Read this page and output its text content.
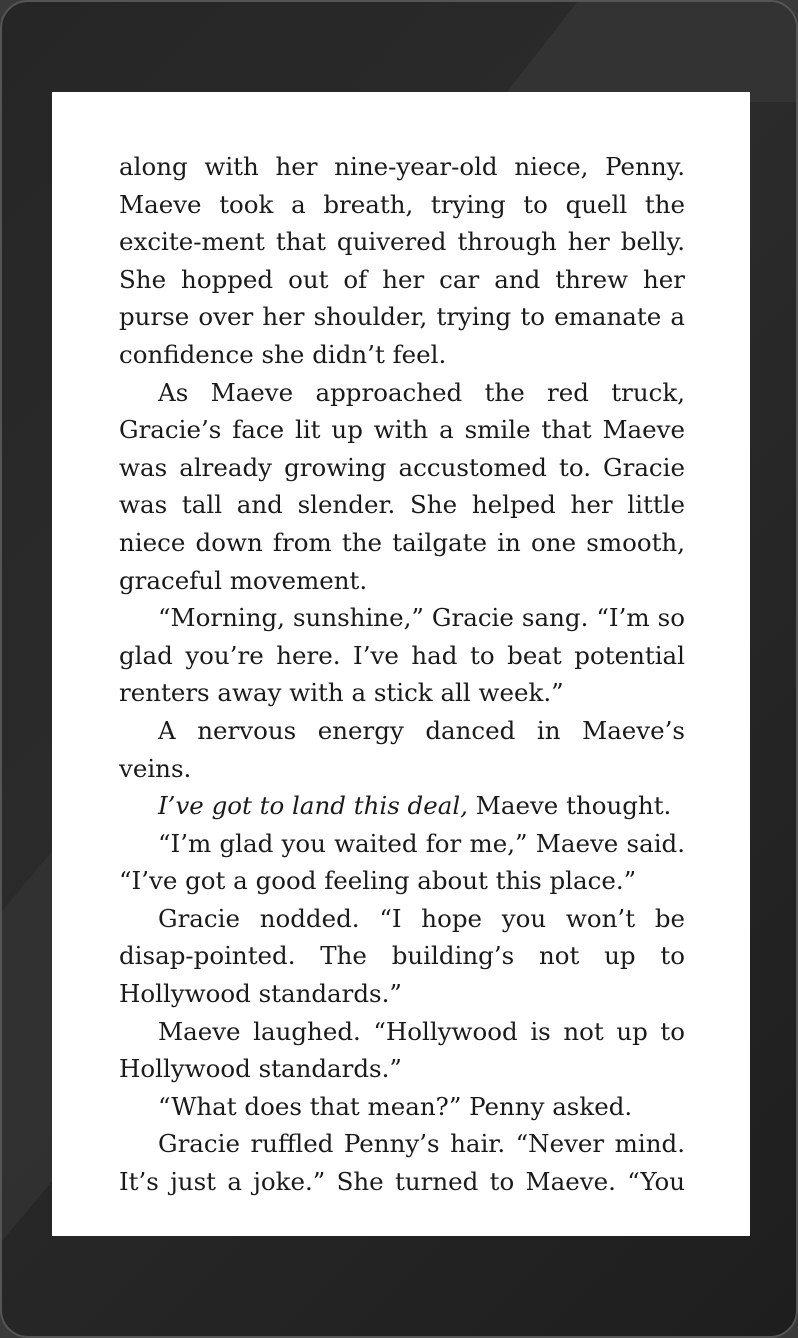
along with her nine-year-old niece, Penny. Maeve took a breath, trying to quell the excite-ment that quivered through her belly. She hopped out of her car and threw her purse over her shoulder, trying to emanate a confidence she didn’t feel.

As Maeve approached the red truck, Gracie’s face lit up with a smile that Maeve was already growing accustomed to. Gracie was tall and slender. She helped her little niece down from the tailgate in one smooth, graceful movement.

“Morning, sunshine,” Gracie sang. “I’m so glad you’re here. I’ve had to beat potential renters away with a stick all week.”

A nervous energy danced in Maeve’s veins.

I’ve got to land this deal, Maeve thought.

“I’m glad you waited for me,” Maeve said. “I’ve got a good feeling about this place.”

Gracie nodded. “I hope you won’t be disap-pointed. The building’s not up to Hollywood standards.”

Maeve laughed. “Hollywood is not up to Hollywood standards.”

“What does that mean?” Penny asked.

Gracie ruffled Penny’s hair. “Never mind. It’s just a joke.” She turned to Maeve. “You
